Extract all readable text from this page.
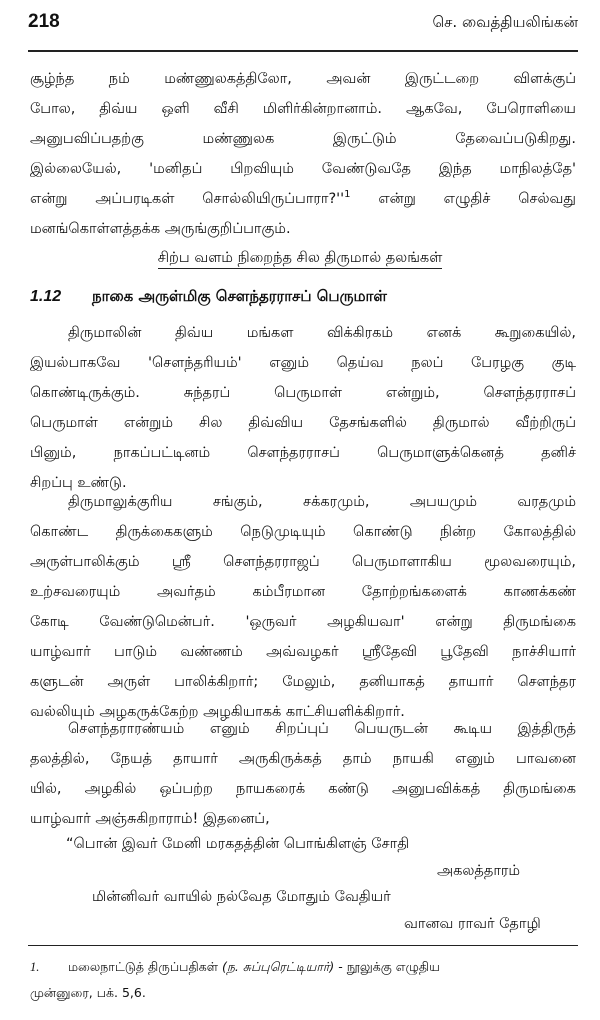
218	செ. வைத்தியலிங்கன்
சூழ்ந்த நம் மண்ணுலகத்திலோ, அவன் இருட்டறை விளக்குப்
போல, திவ்ய ஒளி வீசி மிளிர்கின்றானாம். ஆகவே, பேரொளியை
அனுபவிப்பதற்கு மண்ணுலக இருட்டும் தேவைப்படுகிறது.
இல்லையேல், 'மனிதப் பிறவியும் வேண்டுவதே இந்த மாநிலத்தே'
என்று அப்பரடிகள் $சொல்லியிருப்பாரா?''^1$ என்று எழுதிச் செல்வது
மனங்கொள்ளத்தக்க அருங்குறிப்பாகும்.
சிற்ப வளம் நிறைந்த சில திருமால் தலங்கள்
1.12 நாகை அருள்மிகு சௌந்தரராசப் பெருமாள்
திருமாலின் திவ்ய மங்கள விக்கிரகம் எனக் கூறுகையில்,
இயல்பாகவே 'சௌந்தரியம்' எனும் தெய்வ நலப் பேரழகு குடி
கொண்டிருக்கும். சுந்தரப் பெருமாள் என்றும், சௌந்தரராசப்
பெருமாள் என்றும் சில திவ்விய தேசங்களில் திருமால் வீற்றிருப்
பினும், நாகப்பட்டினம் சௌந்தரராசப் பெருமாளுக்கெனத் தனிச்
சிறப்பு உண்டு.
திருமாலுக்குரிய சங்கும், சக்கரமும், அபயமும் வரதமும்
கொண்ட திருக்கைகளும் நெடுமுடியும் கொண்டு நின்ற கோலத்தில்
அருள்பாலிக்கும் ஸ்ரீ சௌந்தரராஜப் பெருமாளாகிய மூலவரையும்,
உற்சவரையும் அவர்தம் கம்பீரமான தோற்றங்களைக் காணக்கண்
கோடி வேண்டுமென்பர். 'ஒருவர் அழகியவா' என்று திருமங்கை
யாழ்வார் பாடும் வண்ணம் அவ்வழகர் ஸ்ரீதேவி பூதேவி நாச்சியார்
களுடன் அருள் பாலிக்கிறார்; மேலும், தனியாகத் தாயார் சௌந்தர
வல்லியும் அழகருக்கேற்ற அழகியாகக் காட்சியளிக்கிறார்.
சௌந்தராரண்யம் எனும் சிறப்புப் பெயருடன் கூடிய இத்திருத்
தலத்தில், நேயத் தாயார் அருகிருக்கத் தாம் நாயகி எனும் பாவனை
யில், அழகில் ஒப்பற்ற நாயகரைக் கண்டு அனுபவிக்கத் திருமங்கை
யாழ்வார் அஞ்சுகிறாராம்! இதனைப்,
“பொன் இவர் மேனி மரகதத்தின் பொங்கிளஞ் சோதி
அகலத்தாரம்
மின்னிவர் வாயில் நல்வேத மோதும் வேதியர்
வானவ ராவர் தோழி
1. மலைநாட்டுத் திருப்பதிகள் (ந. சுப்புரெட்டியார்) - நூலுக்கு எழுதிய
முன்னுரை, பக். 5,6.
